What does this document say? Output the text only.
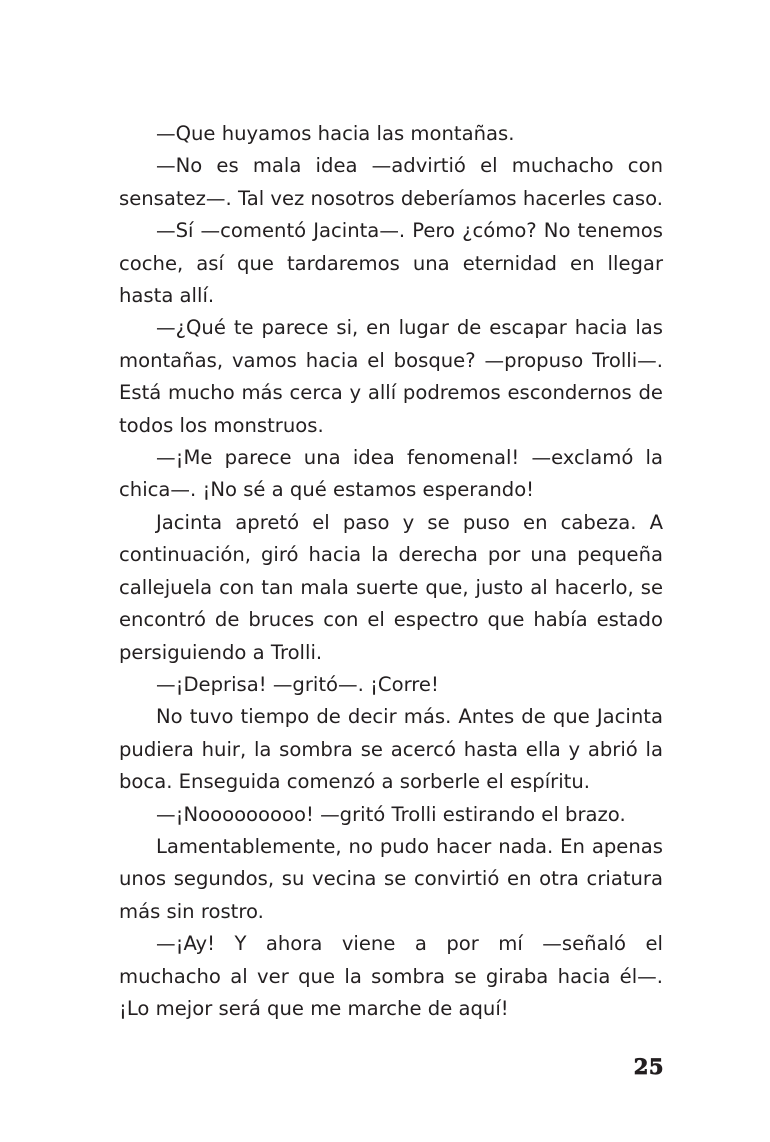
—Que huyamos hacia las montañas.

—No es mala idea —advirtió el muchacho con sensatez—. Tal vez nosotros deberíamos hacerles caso.

—Sí —comentó Jacinta—. Pero ¿cómo? No tenemos coche, así que tardaremos una eternidad en llegar hasta allí.

—¿Qué te parece si, en lugar de escapar hacia las montañas, vamos hacia el bosque? —propuso Trolli—. Está mucho más cerca y allí podremos escondernos de todos los monstruos.

—¡Me parece una idea fenomenal! —exclamó la chica—. ¡No sé a qué estamos esperando!

Jacinta apretó el paso y se puso en cabeza. A continuación, giró hacia la derecha por una pequeña callejuela con tan mala suerte que, justo al hacerlo, se encontró de bruces con el espectro que había estado persiguiendo a Trolli.

—¡Deprisa! —gritó—. ¡Corre!

No tuvo tiempo de decir más. Antes de que Jacinta pudiera huir, la sombra se acercó hasta ella y abrió la boca. Enseguida comenzó a sorberle el espíritu.

—¡Nooooooooo! —gritó Trolli estirando el brazo.

Lamentablemente, no pudo hacer nada. En apenas unos segundos, su vecina se convirtió en otra criatura más sin rostro.

—¡Ay! Y ahora viene a por mí —señaló el muchacho al ver que la sombra se giraba hacia él—. ¡Lo mejor será que me marche de aquí!

25
